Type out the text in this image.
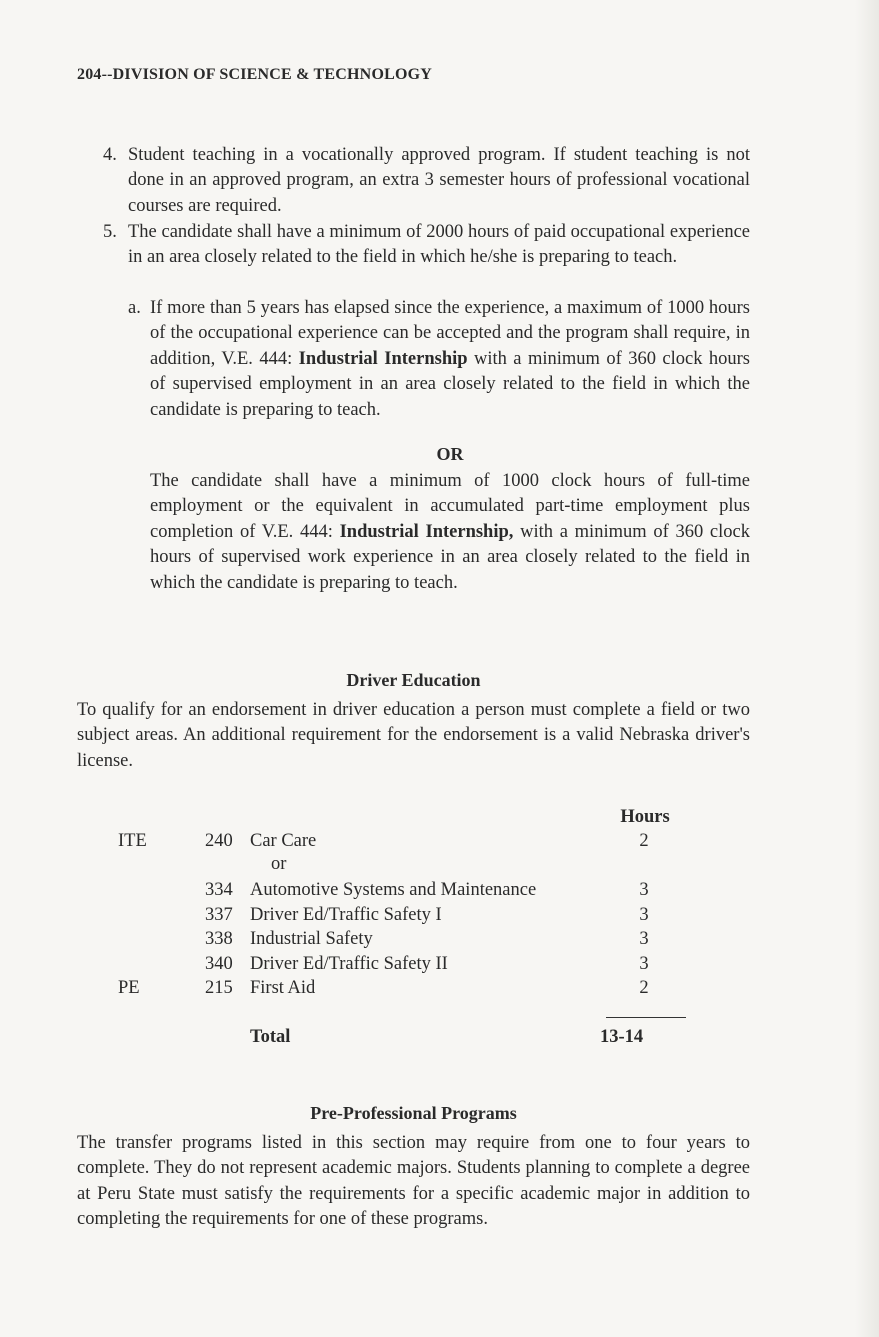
204--DIVISION OF SCIENCE & TECHNOLOGY
4. Student teaching in a vocationally approved program. If student teaching is not done in an approved program, an extra 3 semester hours of professional vocational courses are required.
5. The candidate shall have a minimum of 2000 hours of paid occupational experience in an area closely related to the field in which he/she is preparing to teach.
a. If more than 5 years has elapsed since the experience, a maximum of 1000 hours of the occupational experience can be accepted and the program shall require, in addition, V.E. 444: Industrial Internship with a minimum of 360 clock hours of supervised employment in an area closely related to the field in which the candidate is preparing to teach.
OR
The candidate shall have a minimum of 1000 clock hours of full-time employment or the equivalent in accumulated part-time employment plus completion of V.E. 444: Industrial Internship, with a minimum of 360 clock hours of supervised work experience in an area closely related to the field in which the candidate is preparing to teach.
Driver Education
To qualify for an endorsement in driver education a person must complete a field or two subject areas. An additional requirement for the endorsement is a valid Nebraska driver's license.
Hours
ITE	240 Car Care	2
or
334 Automotive Systems and Maintenance	3
337 Driver Ed/Traffic Safety I	3
338 Industrial Safety	3
340 Driver Ed/Traffic Safety II	3
PE	215 First Aid	2
Total	13-14
Pre-Professional Programs
The transfer programs listed in this section may require from one to four years to complete. They do not represent academic majors. Students planning to complete a degree at Peru State must satisfy the requirements for a specific academic major in addition to completing the requirements for one of these programs.
